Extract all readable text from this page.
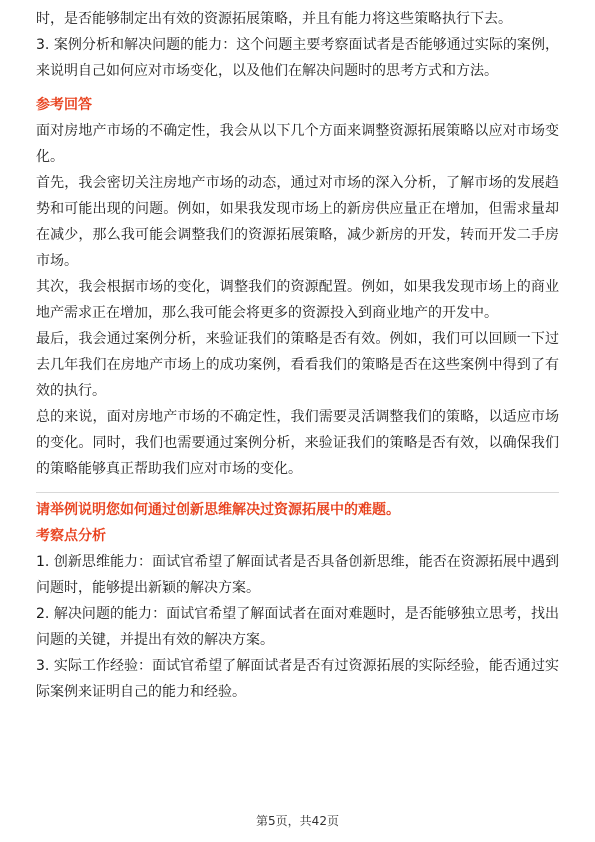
时，是否能够制定出有效的资源拓展策略，并且有能力将这些策略执行下去。

3. 案例分析和解决问题的能力：这个问题主要考察面试者是否能够通过实际的案例，来说明自己如何应对市场变化，以及他们在解决问题时的思考方式和方法。

参考回答

面对房地产市场的不确定性，我会从以下几个方面来调整资源拓展策略以应对市场变化。

首先，我会密切关注房地产市场的动态，通过对市场的深入分析，了解市场的发展趋势和可能出现的问题。例如，如果我发现市场上的新房供应量正在增加，但需求量却在减少，那么我可能会调整我们的资源拓展策略，减少新房的开发，转而开发二手房市场。

其次，我会根据市场的变化，调整我们的资源配置。例如，如果我发现市场上的商业地产需求正在增加，那么我可能会将更多的资源投入到商业地产的开发中。

最后，我会通过案例分析，来验证我们的策略是否有效。例如，我们可以回顾一下过去几年我们在房地产市场上的成功案例，看看我们的策略是否在这些案例中得到了有效的执行。

总的来说，面对房地产市场的不确定性，我们需要灵活调整我们的策略，以适应市场的变化。同时，我们也需要通过案例分析，来验证我们的策略是否有效，以确保我们的策略能够真正帮助我们应对市场的变化。

请举例说明您如何通过创新思维解决过资源拓展中的难题。

考察点分析

1. 创新思维能力：面试官希望了解面试者是否具备创新思维，能否在资源拓展中遇到问题时，能够提出新颖的解决方案。

2. 解决问题的能力：面试官希望了解面试者在面对难题时，是否能够独立思考，找出问题的关键，并提出有效的解决方案。

3. 实际工作经验：面试官希望了解面试者是否有过资源拓展的实际经验，能否通过实际案例来证明自己的能力和经验。

第5页，共42页
